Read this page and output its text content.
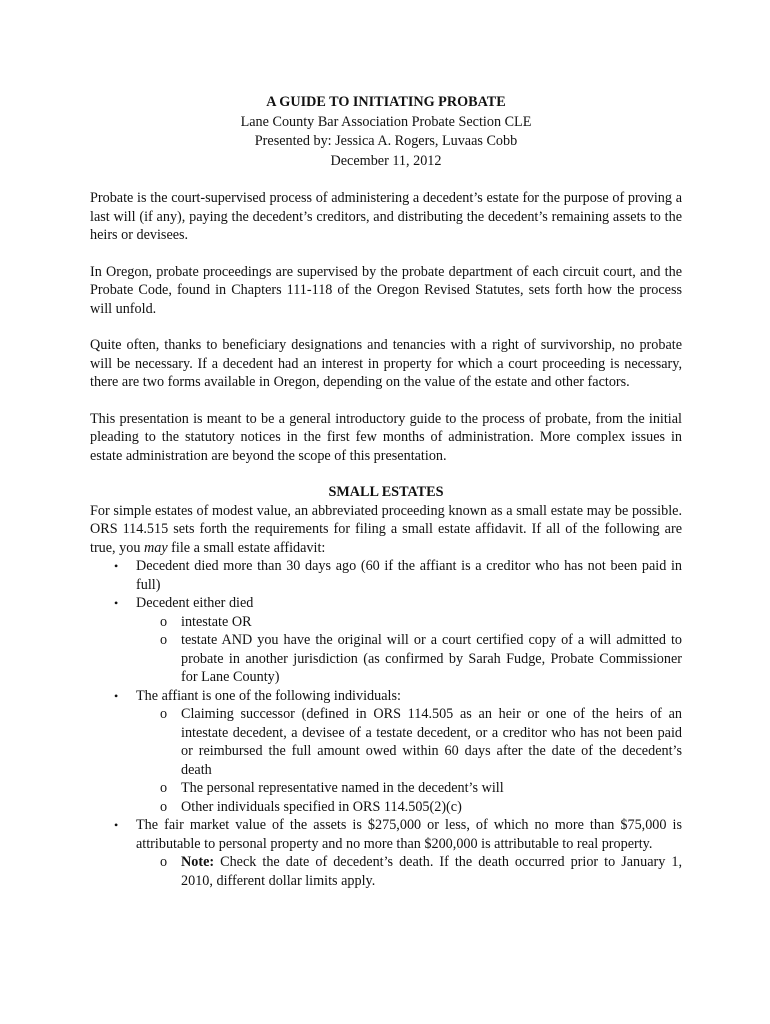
A GUIDE TO INITIATING PROBATE
Lane County Bar Association Probate Section CLE
Presented by: Jessica A. Rogers, Luvaas Cobb
December 11, 2012

Probate is the court-supervised process of administering a decedent’s estate for the purpose of proving a last will (if any), paying the decedent’s creditors, and distributing the decedent’s remaining assets to the heirs or devisees.

In Oregon, probate proceedings are supervised by the probate department of each circuit court, and the Probate Code, found in Chapters 111-118 of the Oregon Revised Statutes, sets forth how the process will unfold.

Quite often, thanks to beneficiary designations and tenancies with a right of survivorship, no probate will be necessary. If a decedent had an interest in property for which a court proceeding is necessary, there are two forms available in Oregon, depending on the value of the estate and other factors.

This presentation is meant to be a general introductory guide to the process of probate, from the initial pleading to the statutory notices in the first few months of administration. More complex issues in estate administration are beyond the scope of this presentation.

SMALL ESTATES

For simple estates of modest value, an abbreviated proceeding known as a small estate may be possible. ORS 114.515 sets forth the requirements for filing a small estate affidavit. If all of the following are true, you may file a small estate affidavit:

• Decedent died more than 30 days ago (60 if the affiant is a creditor who has not been paid in full)
• Decedent either died
o intestate OR
o testate AND you have the original will or a court certified copy of a will admitted to probate in another jurisdiction (as confirmed by Sarah Fudge, Probate Commissioner for Lane County)
• The affiant is one of the following individuals:
o Claiming successor (defined in ORS 114.505 as an heir or one of the heirs of an intestate decedent, a devisee of a testate decedent, or a creditor who has not been paid or reimbursed the full amount owed within 60 days after the date of the decedent’s death
o The personal representative named in the decedent’s will
o Other individuals specified in ORS 114.505(2)(c)
• The fair market value of the assets is $275,000 or less, of which no more than $75,000 is attributable to personal property and no more than $200,000 is attributable to real property.
o Note: Check the date of decedent’s death. If the death occurred prior to January 1, 2010, different dollar limits apply.
